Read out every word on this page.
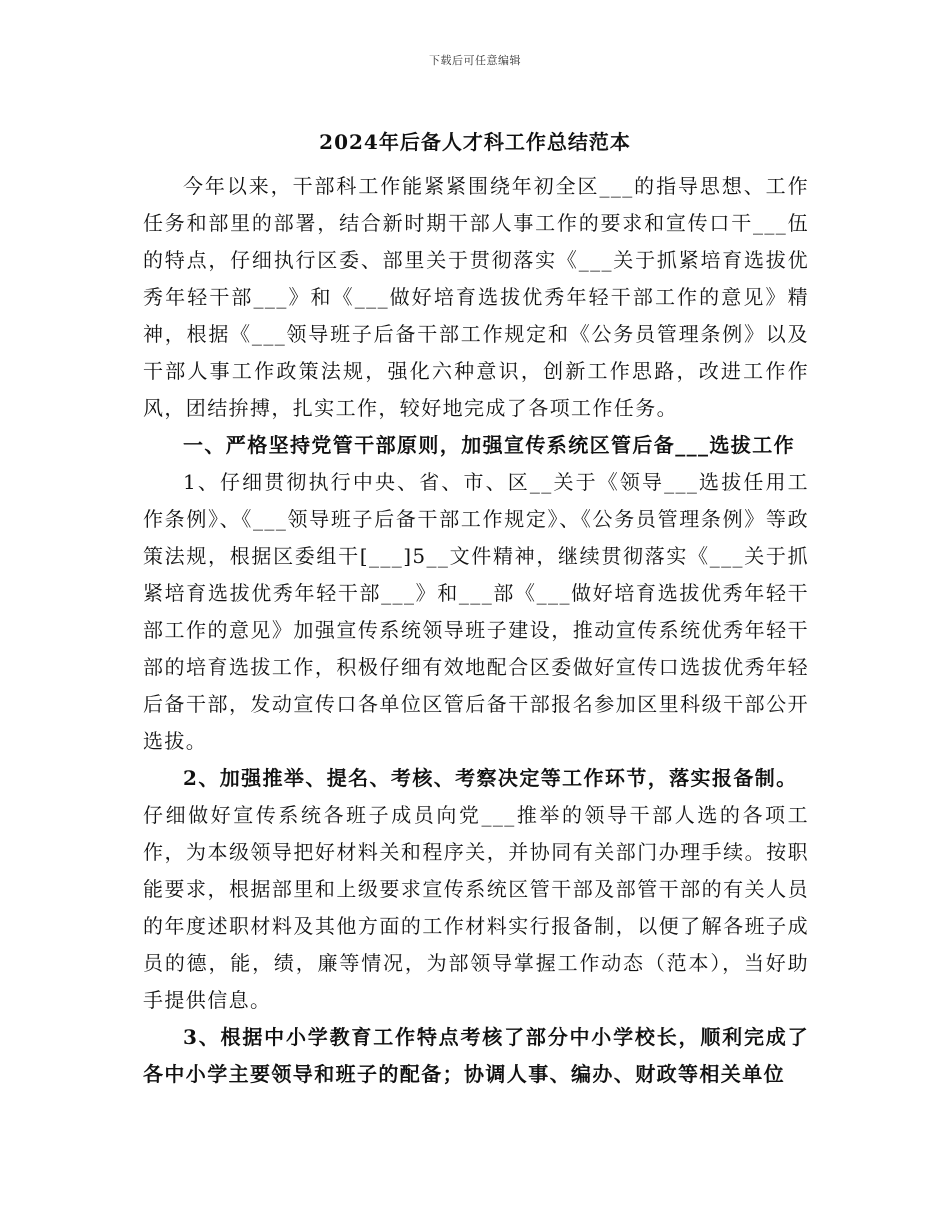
下载后可任意编辑
2024年后备人才科工作总结范本

今年以来，干部科工作能紧紧围绕年初全区___的指导思想、工作任务和部里的部署，结合新时期干部人事工作的要求和宣传口干___伍的特点，仔细执行区委、部里关于贯彻落实《___关于抓紧培育选拔优秀年轻干部___》和《___做好培育选拔优秀年轻干部工作的意见》精神，根据《___领导班子后备干部工作规定和《公务员管理条例》以及干部人事工作政策法规，强化六种意识，创新工作思路，改进工作作风，团结拚搏，扎实工作，较好地完成了各项工作任务。

一、严格坚持党管干部原则，加强宣传系统区管后备___选拔工作

1、仔细贯彻执行中央、省、市、区__关于《领导___选拔任用工作条例》、《___领导班子后备干部工作规定》、《公务员管理条例》等政策法规，根据区委组干[___]5__文件精神，继续贯彻落实《___关于抓紧培育选拔优秀年轻干部___》和___部《___做好培育选拔优秀年轻干部工作的意见》加强宣传系统领导班子建设，推动宣传系统优秀年轻干部的培育选拔工作，积极仔细有效地配合区委做好宣传口选拔优秀年轻后备干部，发动宣传口各单位区管后备干部报名参加区里科级干部公开选拔。

2、加强推举、提名、考核、考察决定等工作环节，落实报备制。

仔细做好宣传系统各班子成员向党___推举的领导干部人选的各项工作，为本级领导把好材料关和程序关，并协同有关部门办理手续。按职能要求，根据部里和上级要求宣传系统区管干部及部管干部的有关人员的年度述职材料及其他方面的工作材料实行报备制，以便了解各班子成员的德，能，绩，廉等情况，为部领导掌握工作动态（范本），当好助手提供信息。

3、根据中小学教育工作特点考核了部分中小学校长，顺利完成了各中小学主要领导和班子的配备；协调人事、编办、财政等相关单位
